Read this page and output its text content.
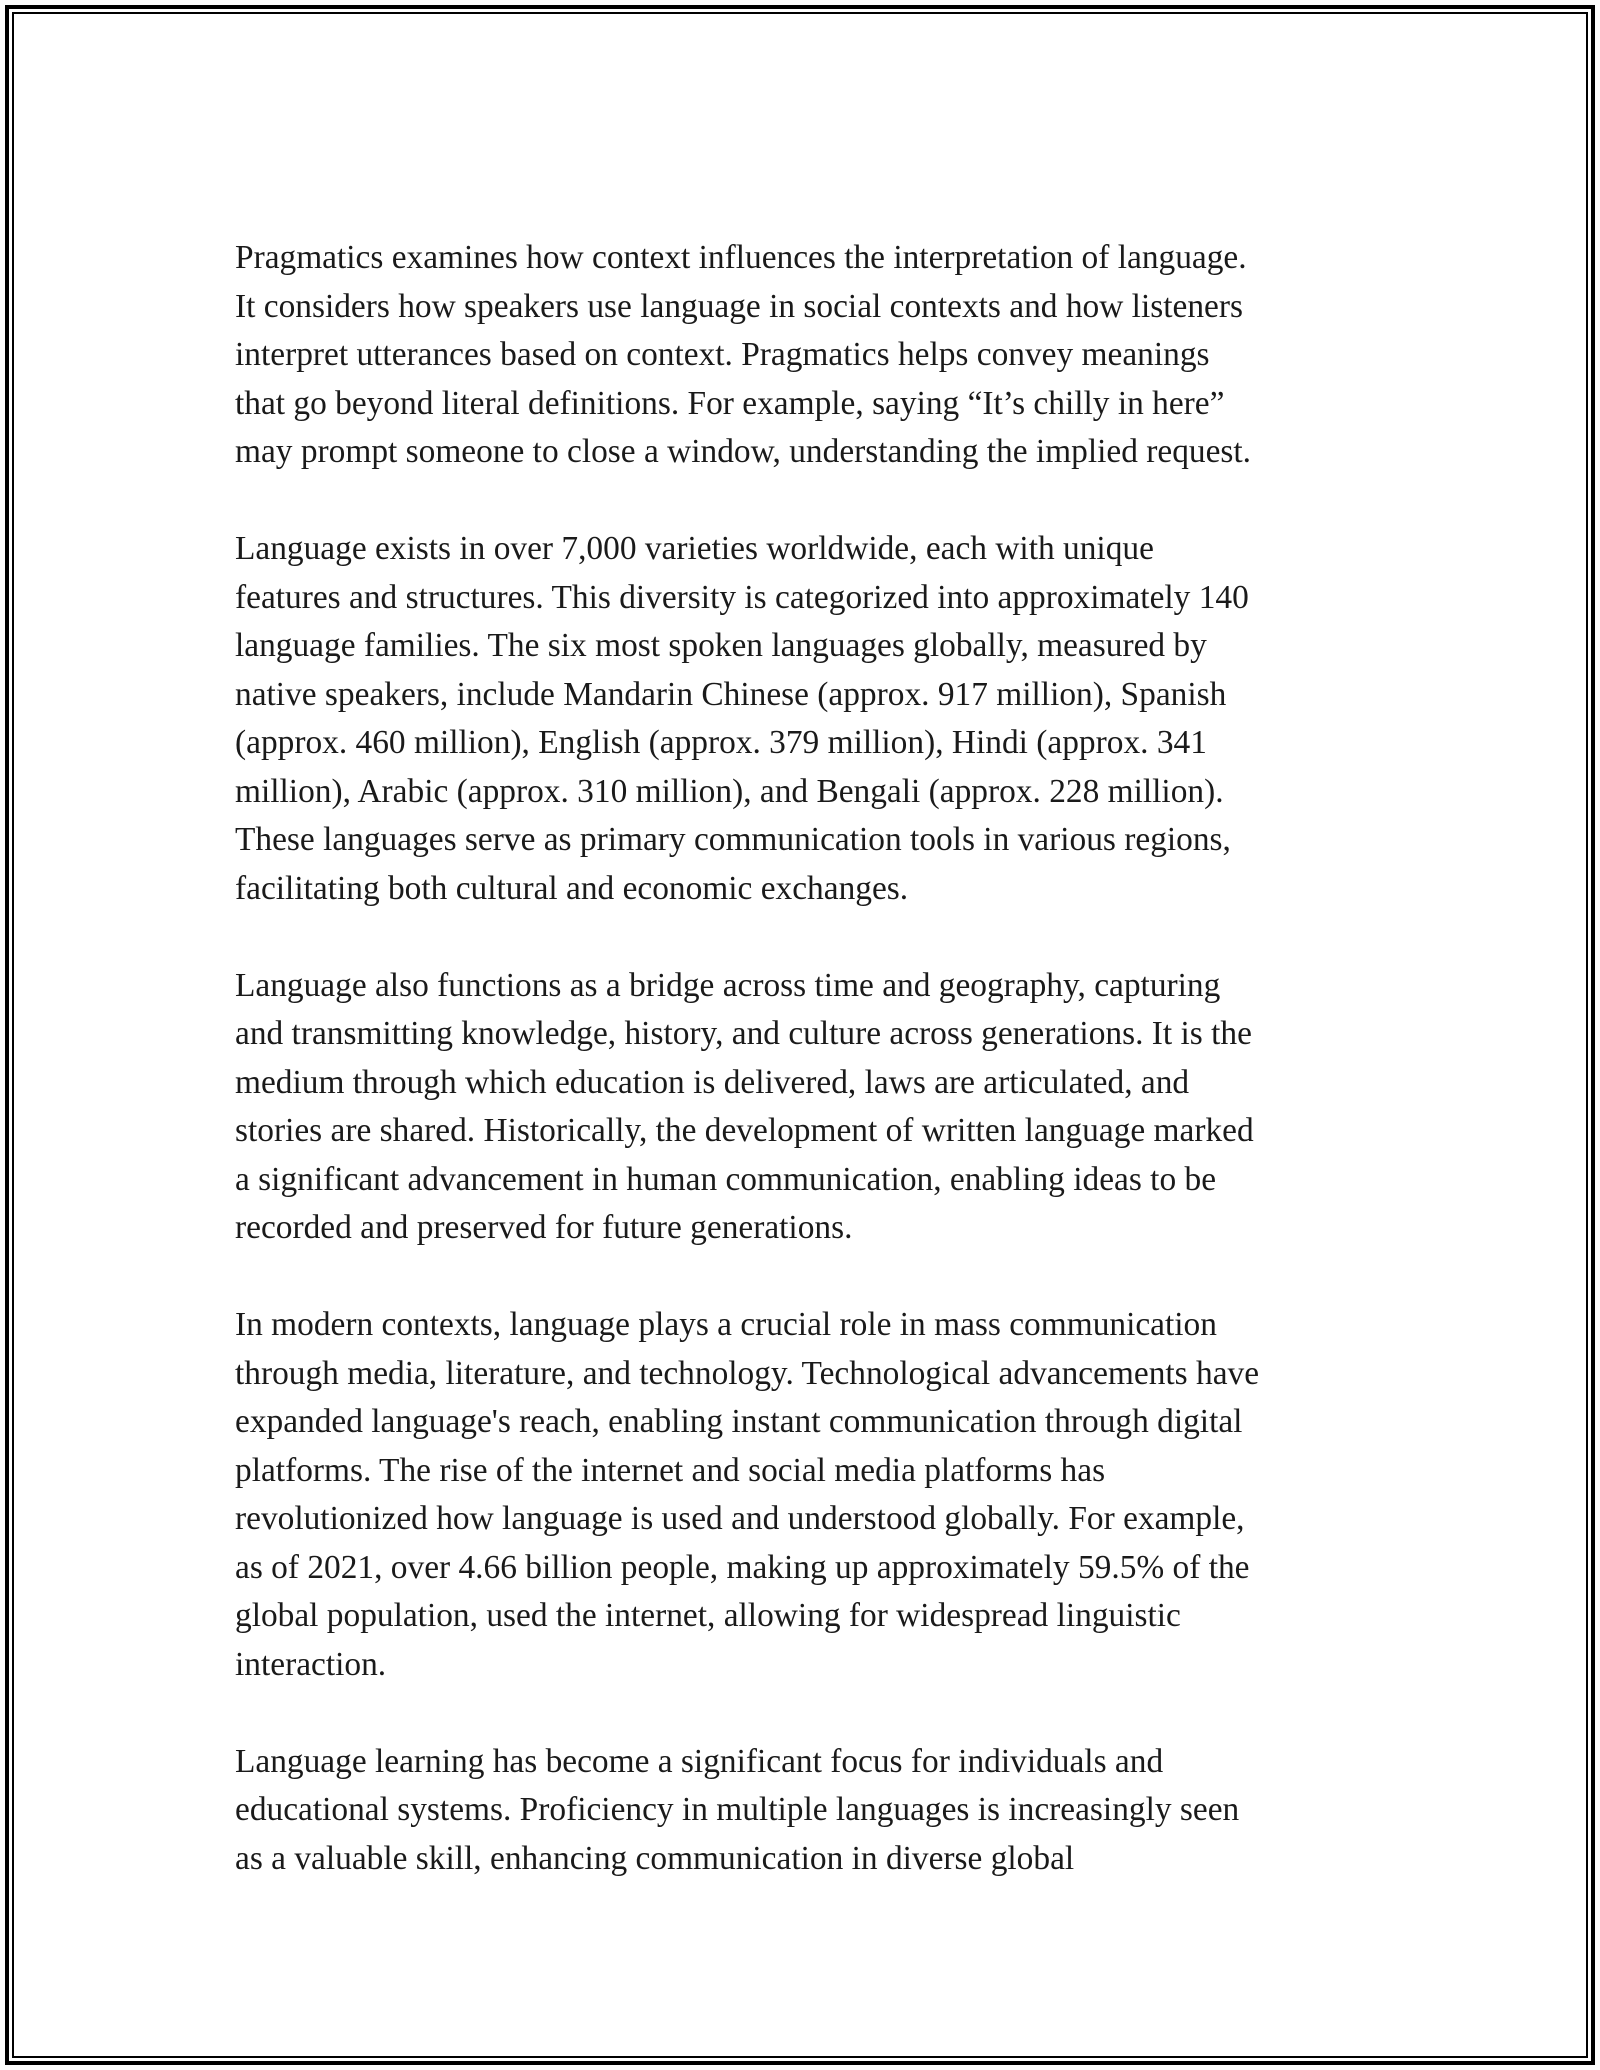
Pragmatics examines how context influences the interpretation of language.
It considers how speakers use language in social contexts and how listeners
interpret utterances based on context. Pragmatics helps convey meanings
that go beyond literal definitions. For example, saying “It’s chilly in here”
may prompt someone to close a window, understanding the implied request.

Language exists in over 7,000 varieties worldwide, each with unique
features and structures. This diversity is categorized into approximately 140
language families. The six most spoken languages globally, measured by
native speakers, include Mandarin Chinese (approx. 917 million), Spanish
(approx. 460 million), English (approx. 379 million), Hindi (approx. 341
million), Arabic (approx. 310 million), and Bengali (approx. 228 million).
These languages serve as primary communication tools in various regions,
facilitating both cultural and economic exchanges.

Language also functions as a bridge across time and geography, capturing
and transmitting knowledge, history, and culture across generations. It is the
medium through which education is delivered, laws are articulated, and
stories are shared. Historically, the development of written language marked
a significant advancement in human communication, enabling ideas to be
recorded and preserved for future generations.

In modern contexts, language plays a crucial role in mass communication
through media, literature, and technology. Technological advancements have
expanded language's reach, enabling instant communication through digital
platforms. The rise of the internet and social media platforms has
revolutionized how language is used and understood globally. For example,
as of 2021, over 4.66 billion people, making up approximately 59.5% of the
global population, used the internet, allowing for widespread linguistic
interaction.

Language learning has become a significant focus for individuals and
educational systems. Proficiency in multiple languages is increasingly seen
as a valuable skill, enhancing communication in diverse global
